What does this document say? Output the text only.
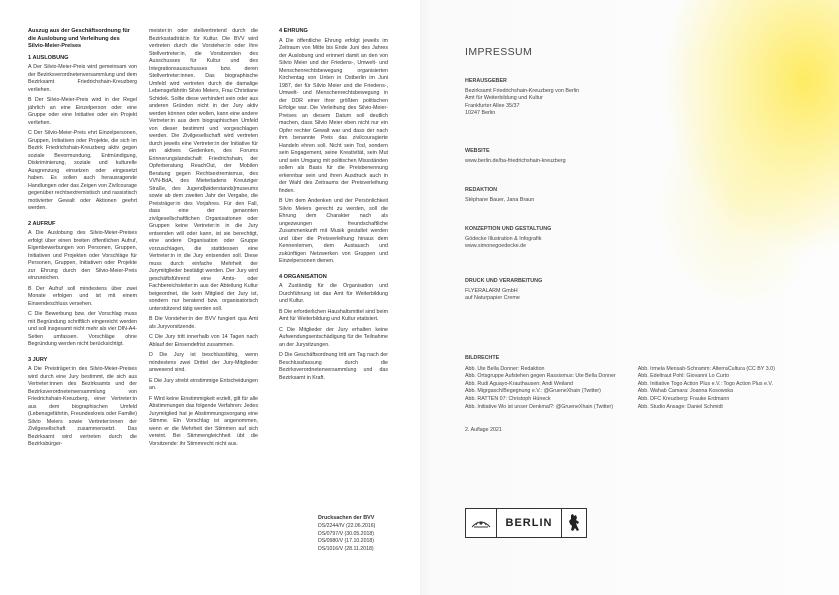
Auszug aus der Geschäftsordnung für die Auslobung und Verleihung des Silvio-Meier-Preises

1 AUSLOBUNG

A Der Silvio-Meier-Preis wird gemeinsam von der Bezirksverordnetenversammlung und dem Bezirksamt Friedrichshain-Kreuzberg verliehen.

B Der Silvio-Meier-Preis wird in der Regel jährlich an eine Einzelperson oder eine Gruppe oder eine Initiative oder ein Projekt verliehen.

C Der Silvio-Meier-Preis ehrt Einzelpersonen, Gruppen, Initiativen oder Projekte, die sich im Bezirk Friedrichshain-Kreuzberg aktiv gegen soziale Bevormundung, Entmündigung, Diskriminierung, soziale und kulturelle Ausgrenzung einsetzen oder eingesetzt haben. Es sollen auch herausragende Handlungen oder das Zeigen von Zivilcourage gegenüber rechtsextremistisch und rassistisch motivierter Gewalt oder Aktionen geehrt werden.

2 AUFRUF

A Die Auslobung des Silvio-Meier-Preises erfolgt über einen breiten öffentlichen Aufruf, Eigenbewerbungen von Personen, Gruppen, Initiativen und Projekten oder Vorschläge für Personen, Gruppen, Initiativen oder Projekte zur Ehrung durch den Silvio-Meier-Preis einzureichen.

B Der Aufruf soll mindestens über zwei Monate erfolgen und ist mit einem Einsendeschluss versehen.

C Die Bewerbung bzw. der Vorschlag muss mit Begründung schriftlich eingereicht werden und soll insgesamt nicht mehr als vier DIN-A4-Seiten umfassen. Vorschläge ohne Begründung werden nicht berücksichtigt.

3 JURY

A Die Preisträger:in des Silvio-Meier-Preises wird durch eine Jury bestimmt, die sich aus Vertreter:innen des Bezirksamts und der Bezirksverordnetenversammlung von Friedrichshain-Kreuzberg, einer Vertreter:in aus dem biographischen Umfeld (Lebensgefährtin, Freundeskreis oder Familie) Silvio Meiers sowie Vertreter:innen der Zivilgesellschaft zusammensetzt. Das Bezirksamt wird vertreten durch die Bezirksbürger-

meister:in oder stellvertretend durch die Bezirksstadträt:in für Kultur. Die BVV wird vertreten durch die Vorsteher:in oder ihre Stellvertreter:in, die Vorsitzenden des Ausschusses für Kultur und des Integrationsausschusses bzw. deren Stellvertreter:innen. Das biographische Umfeld wird vertreten durch die damalige Lebensgefährtin Silvio Meiers, Frau Christiane Schidek. Sollte diese verhindert sein oder aus anderen Gründen nicht in der Jury aktiv werden können oder wollen, kann eine andere Vertreter:in aus dem biographischen Umfeld von dieser bestimmt und vorgeschlagen werden. Die Zivilgesellschaft wird vertreten durch jeweils eine Vertreter:in der Initiative für ein aktives Gedenken, des Forums Erinnerungslandschaft Friedrichshain, der Opferberatung ReachOut, der Mobilen Beratung gegen Rechtsextremismus, des VVN-BdA, des Mieterladens Kreutziger Straße, des Jugend[widerstands]museums sowie ab dem zweiten Jahr der Vergabe, die Preisträger:in des Vorjahres. Für den Fall, dass eine der genannten zivilgesellschaftlichen Organisationen oder Gruppen keine Vertreter:in in die Jury entsenden will oder kann, ist sie berechtigt, eine andere Organisation oder Gruppe vorzuschlagen, die stattdessen eine Vertreter:in in die Jury entsenden soll. Diese muss durch einfache Mehrheit der Jurymitglieder bestätigt werden. Der Jury wird geschäftsführend eine Amts- oder Fachbereichsleiter:in aus der Abteilung Kultur beigeordnet, die kein Mitglied der Jury ist, sondern nur beratend bzw. organisatorisch unterstützend tätig werden soll.

B Die Vorsteher:in der BVV fungiert qua Amt als Juryvorsitzende.

C Die Jury tritt innerhalb von 14 Tagen nach Ablauf der Einsendefrist zusammen.

D Die Jury ist beschlussfähig, wenn mindestens zwei Drittel der Jury-Mitglieder anwesend sind.

E Die Jury strebt einstimmige Entscheidungen an.

F Wird keine Einstimmigkeit erzielt, gilt für alle Abstimmungen das folgende Verfahren: Jedes Jurymitglied hat je Abstimmungsvorgang eine Stimme. Ein Vorschlag ist angenommen, wenn er die Mehrheit der Stimmen auf sich vereint. Bei Stimmengleichheit übt die Vorsitzende: ihr Stimmrecht nicht aus.

4 EHRUNG

A Die öffentliche Ehrung erfolgt jeweils im Zeitraum von Mitte bis Ende Juni des Jahres der Auslobung und erinnert damit an den von Silvio Meier und der Friedens-, Umwelt- und Menschenrechtsbewegung organisierten Kirchentag von Unten in Ostberlin im Juni 1987, der für Silvio Meier und die Friedens-, Umwelt- und Menschenrechtsbewegung in der DDR einer ihrer größten politischen Erfolge war. Die Verleihung des Silvio-Meier-Preises an diesem Datum soll deutlich machen, dass Silvio Meier eben nicht nur ein Opfer rechter Gewalt war und dass der nach ihm benannte Preis das zivilcouragierte Handeln ehren soll. Nicht sein Tod, sondern sein Engagement, seine Kreativität, sein Mut und sein Umgang mit politischen Missständen sollen als Basis für die Preisbenennung erkennbar sein und ihren Ausdruck auch in der Wahl des Zeitraums der Preisverleihung finden.

B Um dem Andenken und der Persönlichkeit Silvio Meiers gerecht zu werden, soll die Ehrung dem Charakter nach als ungezwungen freundschaftliche Zusammenkunft mit Musik gestaltet werden und über die Preisverleihung hinaus dem Kennenlernen, dem Austausch und zukünftigen Netzwerken von Gruppen und Einzelpersonen dienen.

4 ORGANISATION

A Zuständig für die Organisation und Durchführung ist das Amt für Weiterbildung und Kultur.

B Die erforderlichen Haushaltsmittel sind beim Amt für Weiterbildung und Kultur etatisiert.

C Die Mitglieder der Jury erhalten keine Aufwendungsentschädigung für die Teilnahme an der Jurysitzungen.

D Die Geschäftsordnung tritt am Tag nach der Beschlussfassung durch die Bezirksverordnetenversammlung und das Bezirksamt in Kraft.

Drucksachen der BVV
DS/2244/IV (22.06.2016)
DS/0797/V (30.05.2018)
DS/0980/V (17.10.2018)
DS/1016/V (28.11.2018)
IMPRESSUM
HERAUSGEBER
Bezirksamt Friedrichshain-Kreuzberg von Berlin
Amt für Weiterbildung und Kultur
Frankfurter Allee 35/37
10247 Berlin
WEBSITE
www.berlin.de/ba-friedrichshain-kreuzberg
REDAKTION
Stéphane Bauer, Jana Braun
KONZEPTION UND GESTALTUNG
Gödecke Illustration & Infografik
www.simonegoedecke.de
DRUCK UND VERARBEITUNG
FLYERALARM GmbH
auf Naturpapier Creme
BILDRECHTE
Abb. Ute Bella Donner: Redaktion
Abb. Ortsgruppe Aufstehen gegen Rassismus: Ute Bella Donner
Abb. Rudi Aguayo-Krauthausen: Andi Weiland
Abb. Migrgasch/Begegnung e.V.: @GrueneXhain (Twitter)
Abb. RATTEN 07: Christoph Hüneck
Abb. Initiative Wo ist unser Denkmal?: @GrueneXhain (Twitter)
Abb. Irmela Mensah-Schramm: AlterraCultura (CC BY 3.0)
Abb. Edeltraut Pohl: Giovanni Lo Curto
Abb. Initiative Togo Action Plus e.V.: Togo Action Plus e.V.
Abb. Wahab Camara: Joanna Kosowska
Abb. DFC Kreuzberg: Frauke Erdmann
Abb. Studio Ansage: Daniel Schmidt
2. Auflage 2021
BERLIN
